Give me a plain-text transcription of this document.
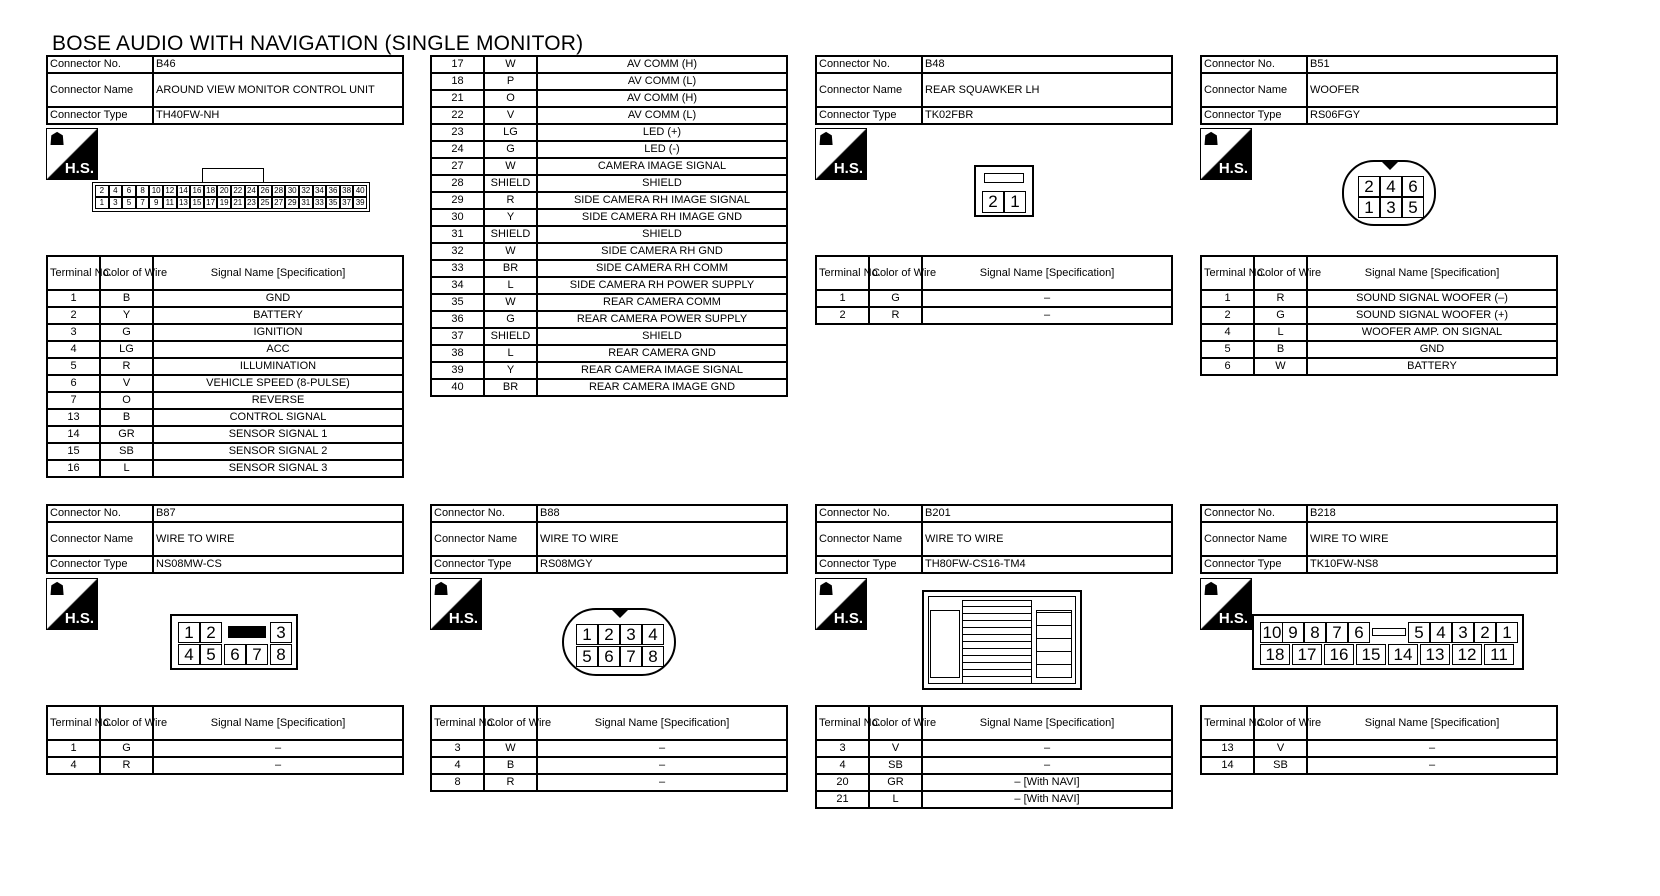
BOSE AUDIO WITH NAVIGATION (SINGLE MONITOR)
Connector No.	B46
Connector Name	AROUND VIEW MONITOR CONTROL UNIT
Connector Type	TH40FW-NH
☗
H.S.
2	4	6	8 10 12 14 16 18 20 22 24 26 28 30 32 34 36 38 40
1	3	5	7	9 11 13 15 17 19 21 23 25 27 29 31 33 35 37 39
Terminal No.	Color of Wire	Signal Name [Specification]
1	B	GND
2	Y	BATTERY
3	G	IGNITION
4	LG	ACC
5	R	ILLUMINATION
6	V	VEHICLE SPEED (8-PULSE)
7	O	REVERSE
13	B	CONTROL SIGNAL
14	GR	SENSOR SIGNAL 1
15	SB	SENSOR SIGNAL 2
16	L	SENSOR SIGNAL 3
17	W	AV COMM (H)
18	P	AV COMM (L)
21	O	AV COMM (H)
22	V	AV COMM (L)
23	LG	LED (+)
24	G	LED (-)
27	W	CAMERA IMAGE SIGNAL
28	SHIELD	SHIELD
29	R	SIDE CAMERA RH IMAGE SIGNAL
30	Y	SIDE CAMERA RH IMAGE GND
31	SHIELD	SHIELD
32	W	SIDE CAMERA RH GND
33	BR	SIDE CAMERA RH COMM
34	L	SIDE CAMERA RH POWER SUPPLY
35	W	REAR CAMERA COMM
36	G	REAR CAMERA POWER SUPPLY
37	SHIELD	SHIELD
38	L	REAR CAMERA GND
39	Y	REAR CAMERA IMAGE SIGNAL
40	BR	REAR CAMERA IMAGE GND
Connector No.	B48
Connector Name	REAR SQUAWKER LH
Connector Type	TK02FBR
☗
H.S.
2 1
Terminal No.	Color of Wire	Signal Name [Specification]
1	G	–
2	R	–
Connector No.	B51
Connector Name	WOOFER
Connector Type	RS06FGY
☗
H.S.
2 4 6
1 3 5
Terminal No.	Color of Wire	Signal Name [Specification]
1	R	SOUND SIGNAL WOOFER (–)
2	G	SOUND SIGNAL WOOFER (+)
4	L	WOOFER AMP. ON SIGNAL
5	B	GND
6	W	BATTERY
Connector No.	B87
Connector Name	WIRE TO WIRE
Connector Type	NS08MW-CS
☗
H.S.
1 2	3
4 5 6 7 8
Terminal No.	Color of Wire	Signal Name [Specification]
1	G	–
4	R	–
Connector No.	B88
Connector Name	WIRE TO WIRE
Connector Type	RS08MGY
☗
H.S.
1 2 3 4
5 6 7 8
Terminal No.	Color of Wire	Signal Name [Specification]
3	W	–
4	B	–
8	R	–
Connector No.	B201
Connector Name	WIRE TO WIRE
Connector Type	TH80FW-CS16-TM4
☗
H.S.
Terminal No.	Color of Wire	Signal Name [Specification]
3	V	–
4	SB	–
20	GR	– [With NAVI]
21	L	– [With NAVI]
Connector No.	B218
Connector Name	WIRE TO WIRE
Connector Type	TK10FW-NS8
☗
H.S.
10 9 8 7 6	5 4 3 2 1
18 17 16 15 14 13 12 11
Terminal No.	Color of Wire	Signal Name [Specification]
13	V	–
14	SB	–
